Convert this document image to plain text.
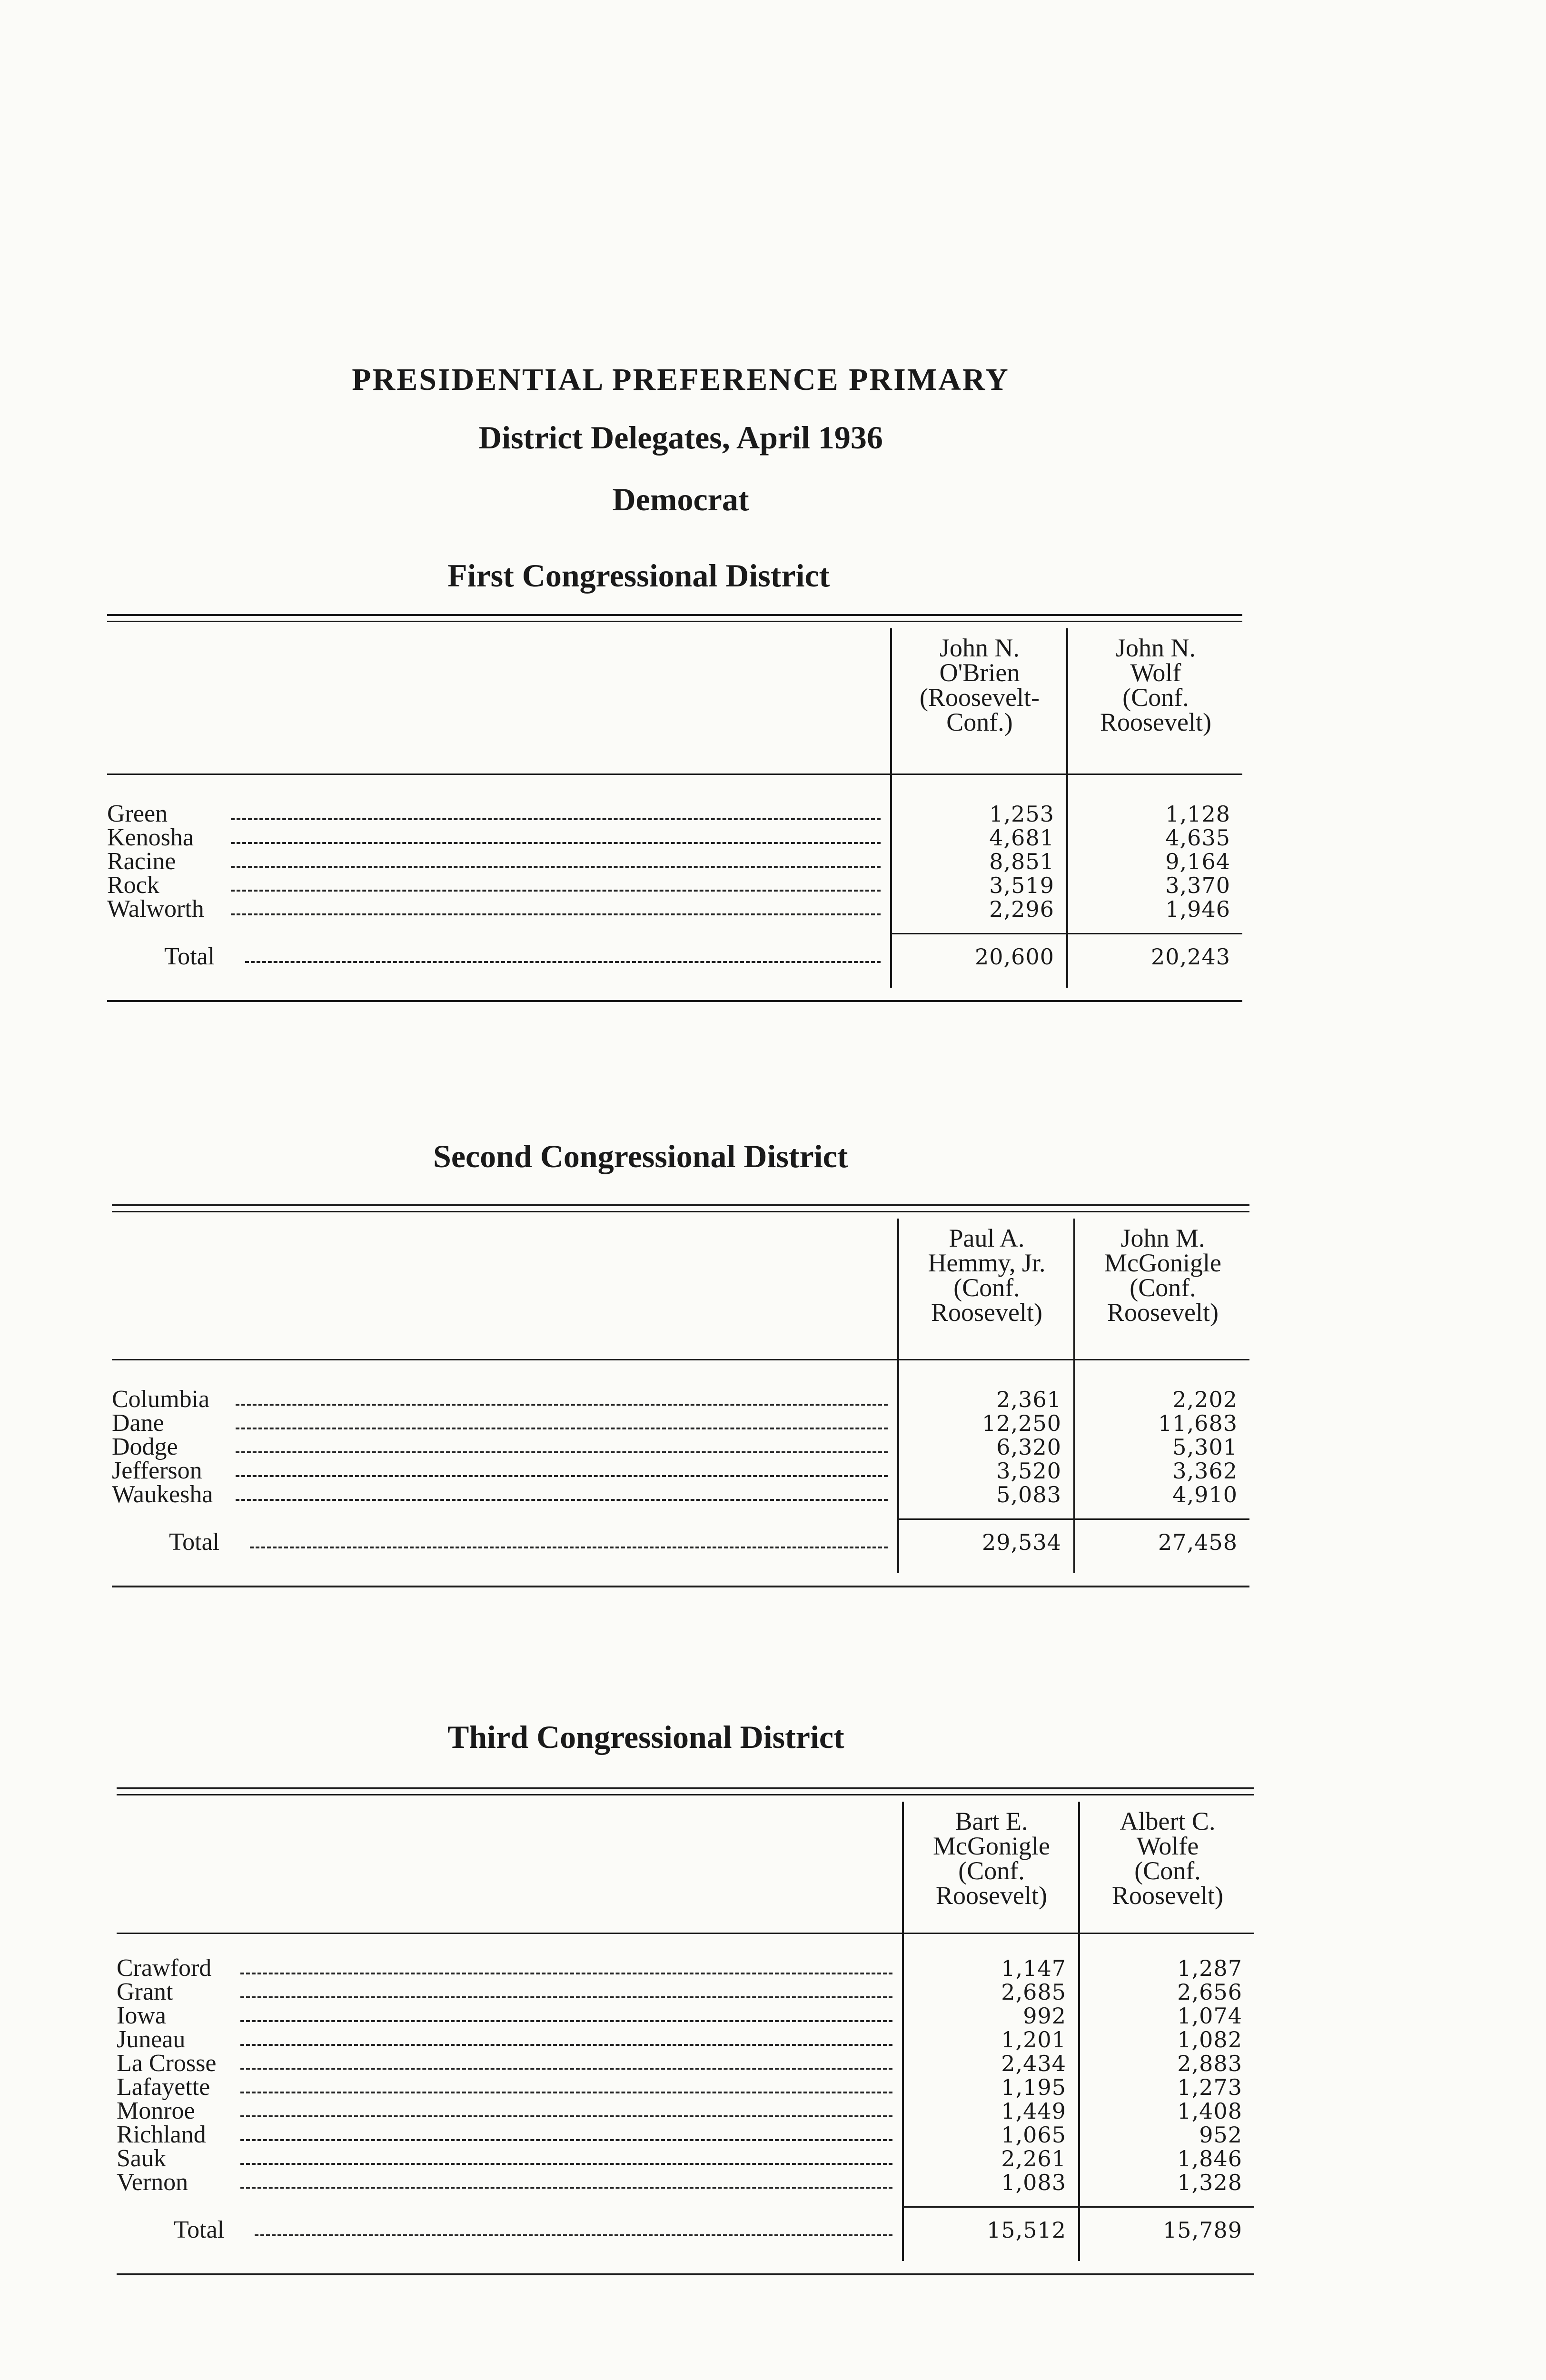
PRESIDENTIAL PREFERENCE PRIMARY
District Delegates, April 1936
Democrat
First Congressional District
John N.
O'Brien
(Roosevelt-
Conf.)
John N.
Wolf
(Conf.
Roosevelt)
Green	1,253	1,128
Kenosha	4,681	4,635
Racine	8,851	9,164
Rock	3,519	3,370
Walworth	2,296	1,946
Total	20,600	20,243
Second Congressional District
Paul A.
Hemmy, Jr.
(Conf.
Roosevelt)
John M.
McGonigle
(Conf.
Roosevelt)
Columbia	2,361	2,202
Dane	12,250	11,683
Dodge	6,320	5,301
Jefferson	3,520	3,362
Waukesha	5,083	4,910
Total	29,534	27,458
Third Congressional District
Bart E.
McGonigle
(Conf.
Roosevelt)
Albert C.
Wolfe
(Conf.
Roosevelt)
Crawford	1,147	1,287
Grant	2,685	2,656
Iowa	992	1,074
Juneau	1,201	1,082
La Crosse	2,434	2,883
Lafayette	1,195	1,273
Monroe	1,449	1,408
Richland	1,065	952
Sauk	2,261	1,846
Vernon	1,083	1,328
Total	15,512	15,789
